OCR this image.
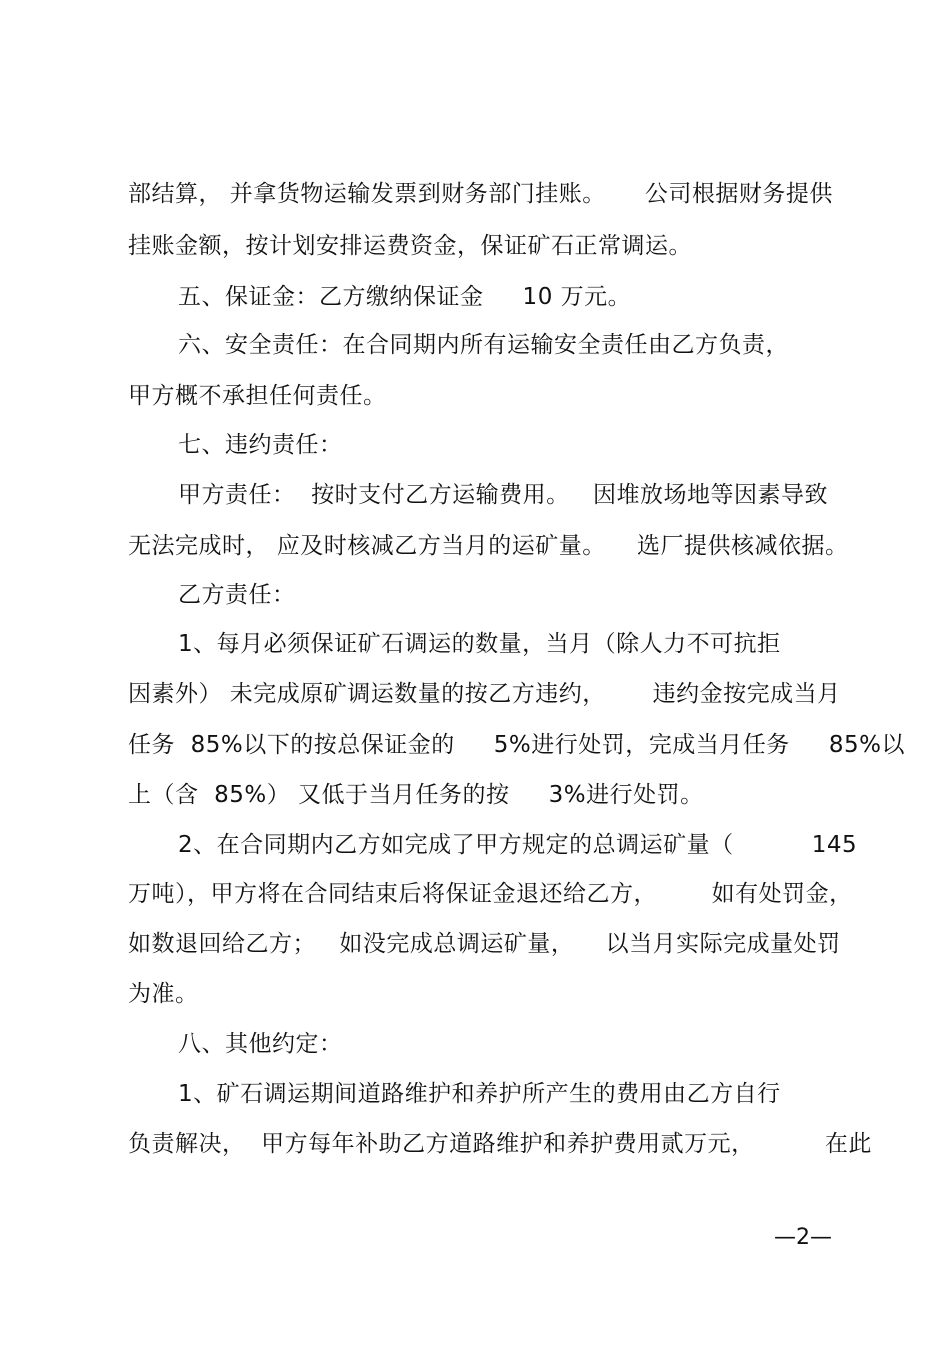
部结算， 并拿货物运输发票到财务部门挂账。     公司根据财务提供
挂账金额，按计划安排运费资金，保证矿石正常调运。
五、保证金：乙方缴纳保证金     10 万元。
六、安全责任：在合同期内所有运输安全责任由乙方负责，
甲方概不承担任何责任。
七、违约责任：
甲方责任：  按时支付乙方运输费用。   因堆放场地等因素导致
无法完成时， 应及时核减乙方当月的运矿量。    选厂提供核减依据。
乙方责任：
1、每月必须保证矿石调运的数量，当月（除人力不可抗拒
因素外） 未完成原矿调运数量的按乙方违约，      违约金按完成当月
任务  85%以下的按总保证金的     5%进行处罚，完成当月任务     85%以
上（含  85%） 又低于当月任务的按     3%进行处罚。
2、在合同期内乙方如完成了甲方规定的总调运矿量（          145
万吨），甲方将在合同结束后将保证金退还给乙方，       如有处罚金，
如数退回给乙方；   如没完成总调运矿量，    以当月实际完成量处罚
为准。
八、其他约定：
1、矿石调运期间道路维护和养护所产生的费用由乙方自行
负责解决，  甲方每年补助乙方道路维护和养护费用贰万元，         在此
—2—
